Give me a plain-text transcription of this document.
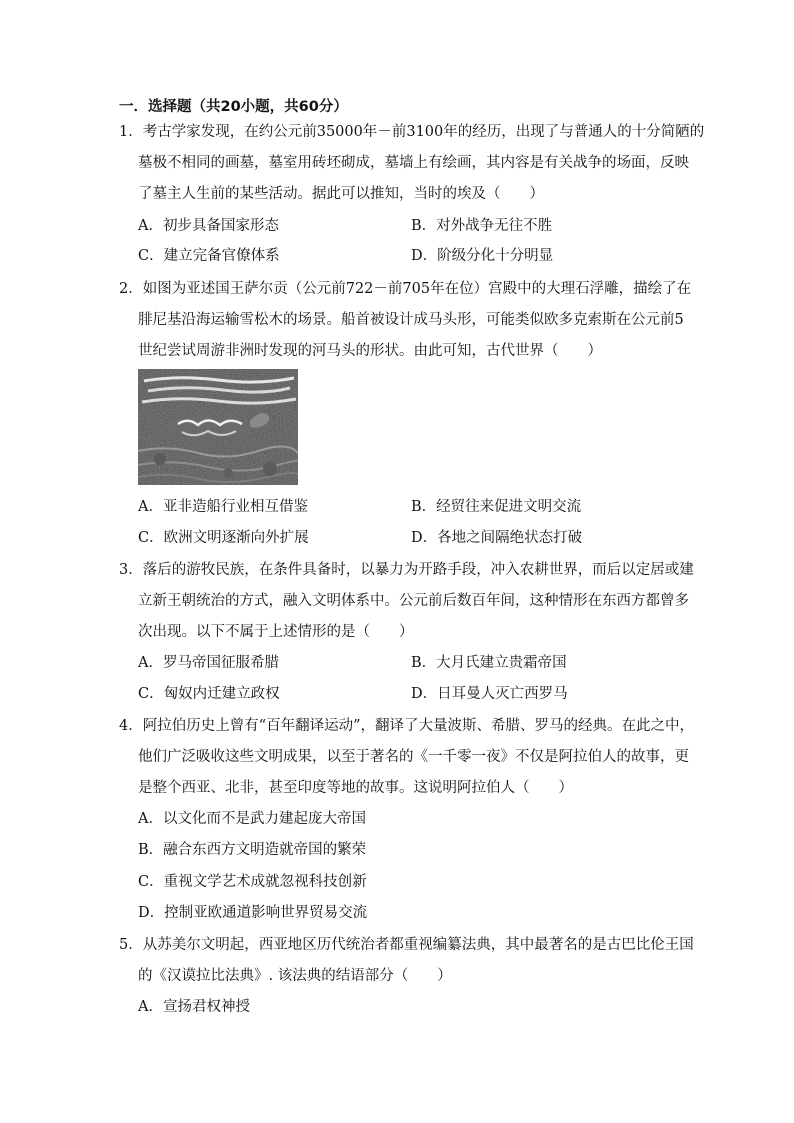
一．选择题（共20小题，共60分）
1．考古学家发现，在约公元前35000年－前3100年的经历，出现了与普通人的十分简陋的
墓极不相同的画墓，墓室用砖坯砌成，墓墙上有绘画，其内容是有关战争的场面，反映
了墓主人生前的某些活动。据此可以推知，当时的埃及（　　）
A．初步具备国家形态	B．对外战争无往不胜
C．建立完备官僚体系	D．阶级分化十分明显
2．如图为亚述国王萨尔贡（公元前722－前705年在位）宫殿中的大理石浮雕，描绘了在
腓尼基沿海运输雪松木的场景。船首被设计成马头形，可能类似欧多克索斯在公元前5
世纪尝试周游非洲时发现的河马头的形状。由此可知，古代世界（　　）
A．亚非造船行业相互借鉴	B．经贸往来促进文明交流
C．欧洲文明逐渐向外扩展	D．各地之间隔绝状态打破
3．落后的游牧民族，在条件具备时，以暴力为开路手段，冲入农耕世界，而后以定居或建
立新王朝统治的方式，融入文明体系中。公元前后数百年间，这种情形在东西方都曾多
次出现。以下不属于上述情形的是（　　）
A．罗马帝国征服希腊	B．大月氏建立贵霜帝国
C．匈奴内迁建立政权	D．日耳曼人灭亡西罗马
4．阿拉伯历史上曾有“百年翻译运动”，翻译了大量波斯、希腊、罗马的经典。在此之中，
他们广泛吸收这些文明成果，以至于著名的《一千零一夜》不仅是阿拉伯人的故事，更
是整个西亚、北非，甚至印度等地的故事。这说明阿拉伯人（　　）
A．以文化而不是武力建起庞大帝国
B．融合东西方文明造就帝国的繁荣
C．重视文学艺术成就忽视科技创新
D．控制亚欧通道影响世界贸易交流
5．从苏美尔文明起，西亚地区历代统治者都重视编纂法典，其中最著名的是古巴比伦王国
的《汉谟拉比法典》. 该法典的结语部分（　　）
A．宣扬君权神授
